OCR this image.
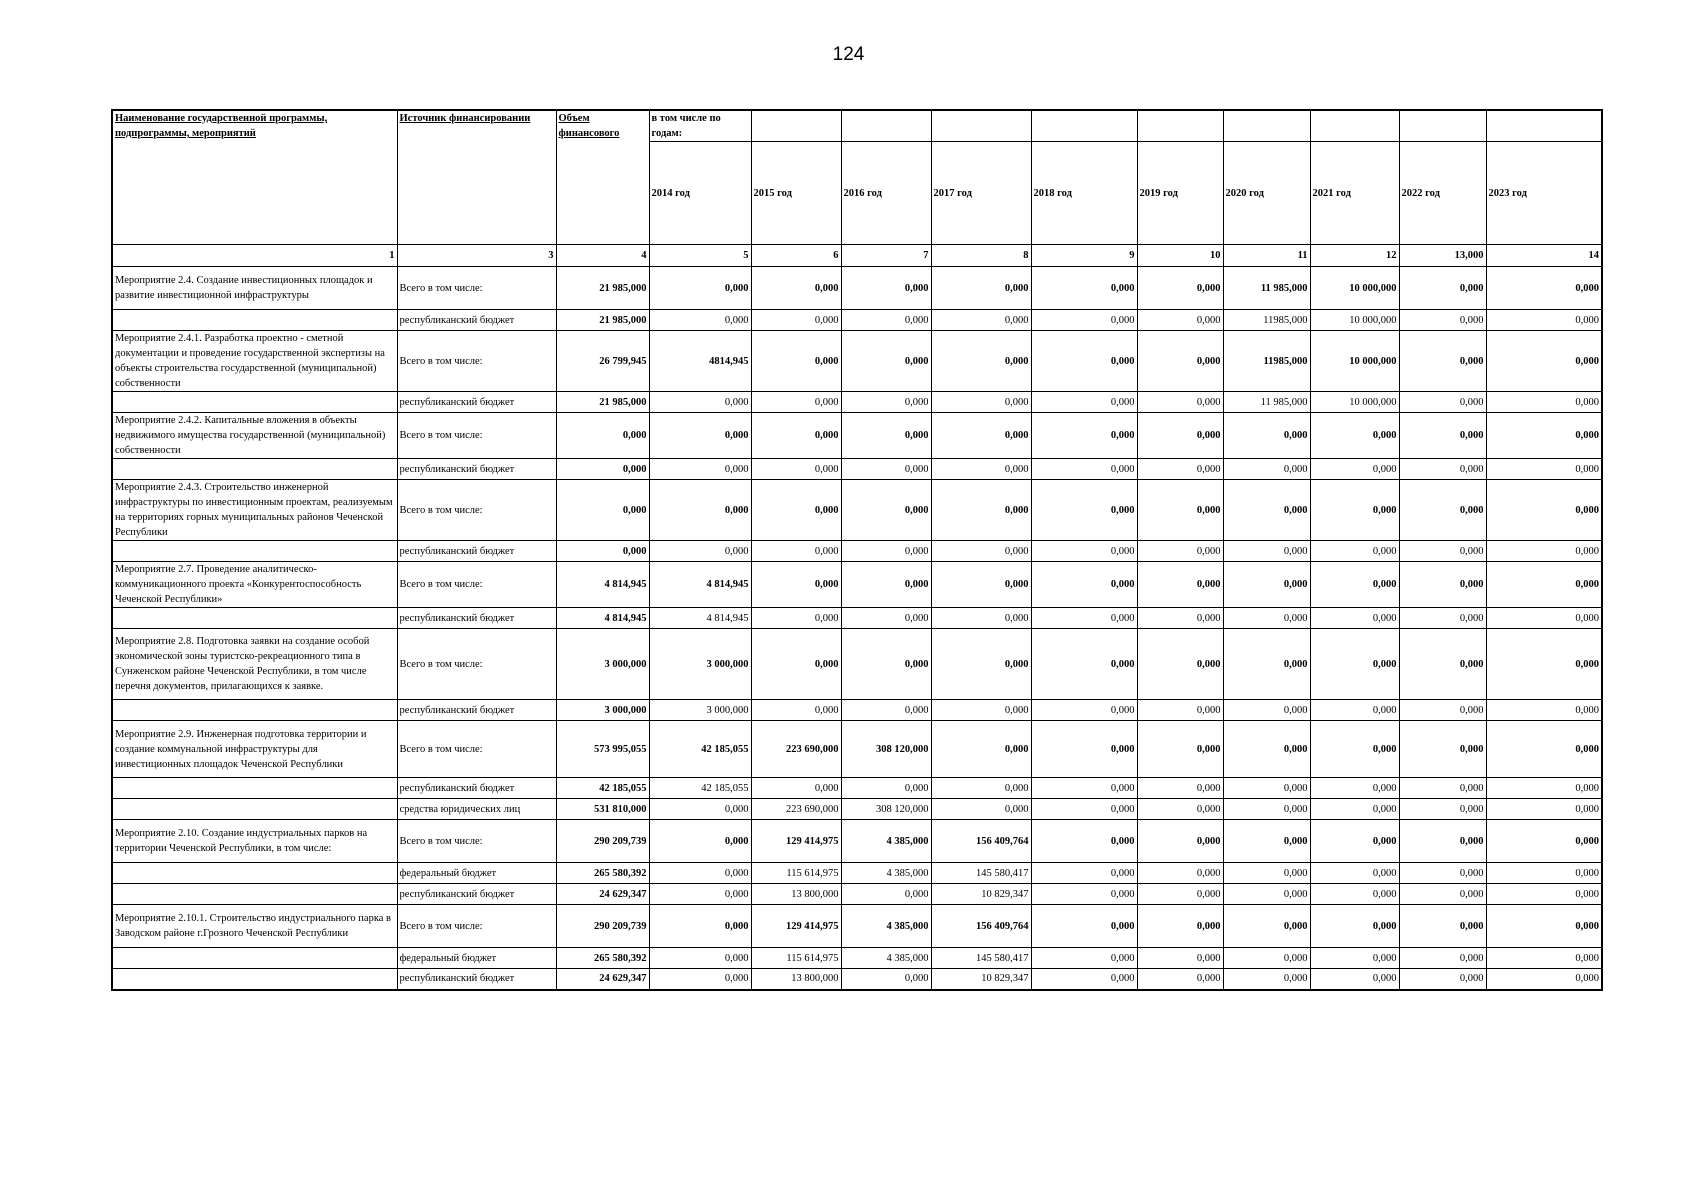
124
Наименование государственной программы, подпрограммы, мероприятий	Источник финансировании	Объем финансового	в том числе по годам:									
			2014 год	2015 год	2016 год	2017 год	2018 год	2019 год	2020 год	2021 год	2022 год	2023 год
1	3	4	5	6	7	8	9	10	11	12	13,000	14
Мероприятие 2.4. Создание инвестиционных площадок и развитие инвестиционной инфраструктуры	Всего в том числе:	21 985,000	0,000	0,000	0,000	0,000	0,000	0,000	11 985,000	10 000,000	0,000	0,000
	республиканский бюджет	21 985,000	0,000	0,000	0,000	0,000	0,000	0,000	11985,000	10 000,000	0,000	0,000
Мероприятие 2.4.1. Разработка проектно - сметной документации и проведение государственной экспертизы на объекты строительства государственной (муниципальной) собственности	Всего в том числе:	26 799,945	4814,945	0,000	0,000	0,000	0,000	0,000	11985,000	10 000,000	0,000	0,000
	республиканский бюджет	21 985,000	0,000	0,000	0,000	0,000	0,000	0,000	11 985,000	10 000,000	0,000	0,000
Мероприятие 2.4.2. Капитальные вложения в объекты недвижимого имущества государственной (муниципальной) собственности	Всего в том числе:	0,000	0,000	0,000	0,000	0,000	0,000	0,000	0,000	0,000	0,000	0,000
	республиканский бюджет	0,000	0,000	0,000	0,000	0,000	0,000	0,000	0,000	0,000	0,000	0,000
Мероприятие 2.4.3. Строительство инженерной инфраструктуры по инвестиционным проектам, реализуемым на территориях горных муниципальных районов Чеченской Республики	Всего в том числе:	0,000	0,000	0,000	0,000	0,000	0,000	0,000	0,000	0,000	0,000	0,000
	республиканский бюджет	0,000	0,000	0,000	0,000	0,000	0,000	0,000	0,000	0,000	0,000	0,000
Мероприятие 2.7. Проведение аналитическо-коммуникационного проекта «Конкурентоспособность Чеченской Республики»	Всего в том числе:	4 814,945	4 814,945	0,000	0,000	0,000	0,000	0,000	0,000	0,000	0,000	0,000
	республиканский бюджет	4 814,945	4 814,945	0,000	0,000	0,000	0,000	0,000	0,000	0,000	0,000	0,000
Мероприятие 2.8. Подготовка заявки на создание особой экономической зоны туристско-рекреационного типа в Сунженском районе Чеченской Республики, в том числе перечня документов, прилагающихся к заявке.	Всего в том числе:	3 000,000	3 000,000	0,000	0,000	0,000	0,000	0,000	0,000	0,000	0,000	0,000
	республиканский бюджет	3 000,000	3 000,000	0,000	0,000	0,000	0,000	0,000	0,000	0,000	0,000	0,000
Мероприятие 2.9. Инженерная подготовка территории и создание коммунальной инфраструктуры для инвестиционных площадок Чеченской Республики	Всего в том числе:	573 995,055	42 185,055	223 690,000	308 120,000	0,000	0,000	0,000	0,000	0,000	0,000	0,000
	республиканский бюджет	42 185,055	42 185,055	0,000	0,000	0,000	0,000	0,000	0,000	0,000	0,000	0,000
	средства юридических лиц	531 810,000	0,000	223 690,000	308 120,000	0,000	0,000	0,000	0,000	0,000	0,000	0,000
Мероприятие 2.10. Создание индустриальных парков на территории Чеченской Республики, в том числе:	Всего в том числе:	290 209,739	0,000	129 414,975	4 385,000	156 409,764	0,000	0,000	0,000	0,000	0,000	0,000
	федеральный бюджет	265 580,392	0,000	115 614,975	4 385,000	145 580,417	0,000	0,000	0,000	0,000	0,000	0,000
	республиканский бюджет	24 629,347	0,000	13 800,000	0,000	10 829,347	0,000	0,000	0,000	0,000	0,000	0,000
Мероприятие 2.10.1. Строительство индустриального парка в Заводском районе г.Грозного Чеченской Республики	Всего в том числе:	290 209,739	0,000	129 414,975	4 385,000	156 409,764	0,000	0,000	0,000	0,000	0,000	0,000
	федеральный бюджет	265 580,392	0,000	115 614,975	4 385,000	145 580,417	0,000	0,000	0,000	0,000	0,000	0,000
	республиканский бюджет	24 629,347	0,000	13 800,000	0,000	10 829,347	0,000	0,000	0,000	0,000	0,000	0,000
